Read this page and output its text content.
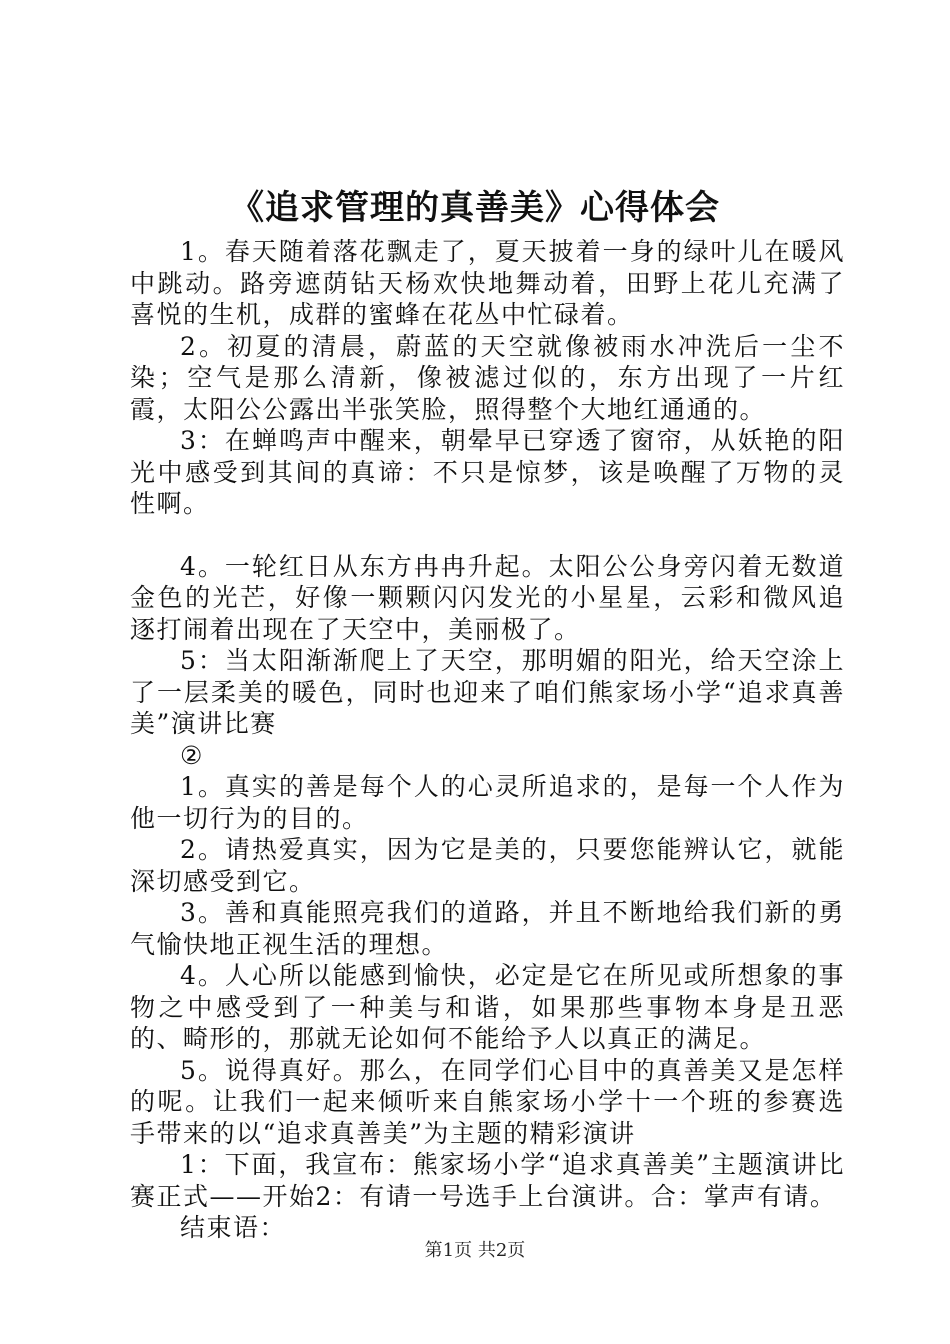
《追求管理的真善美》心得体会

1。春天随着落花飘走了，夏天披着一身的绿叶儿在暖风中跳动。路旁遮荫钻天杨欢快地舞动着，田野上花儿充满了喜悦的生机，成群的蜜蜂在花丛中忙碌着。

2。初夏的清晨，蔚蓝的天空就像被雨水冲洗后一尘不染；空气是那么清新，像被滤过似的，东方出现了一片红霞，太阳公公露出半张笑脸，照得整个大地红通通的。

3：在蝉鸣声中醒来，朝晕早已穿透了窗帘，从妖艳的阳光中感受到其间的真谛：不只是惊梦，该是唤醒了万物的灵性啊。

4。一轮红日从东方冉冉升起。太阳公公身旁闪着无数道金色的光芒，好像一颗颗闪闪发光的小星星，云彩和微风追逐打闹着出现在了天空中，美丽极了。

5：当太阳渐渐爬上了天空，那明媚的阳光，给天空涂上了一层柔美的暖色，同时也迎来了咱们熊家场小学“追求真善美”演讲比赛

②

1。真实的善是每个人的心灵所追求的，是每一个人作为他一切行为的目的。

2。请热爱真实，因为它是美的，只要您能辨认它，就能深切感受到它。

3。善和真能照亮我们的道路，并且不断地给我们新的勇气愉快地正视生活的理想。

4。人心所以能感到愉快，必定是它在所见或所想象的事物之中感受到了一种美与和谐，如果那些事物本身是丑恶的、畸形的，那就无论如何不能给予人以真正的满足。

5。说得真好。那么，在同学们心目中的真善美又是怎样的呢。让我们一起来倾听来自熊家场小学十一个班的参赛选手带来的以“追求真善美”为主题的精彩演讲

1：下面，我宣布：熊家场小学“追求真善美”主题演讲比赛正式——开始2：有请一号选手上台演讲。合：掌声有请。

结束语：

第1页 共2页
